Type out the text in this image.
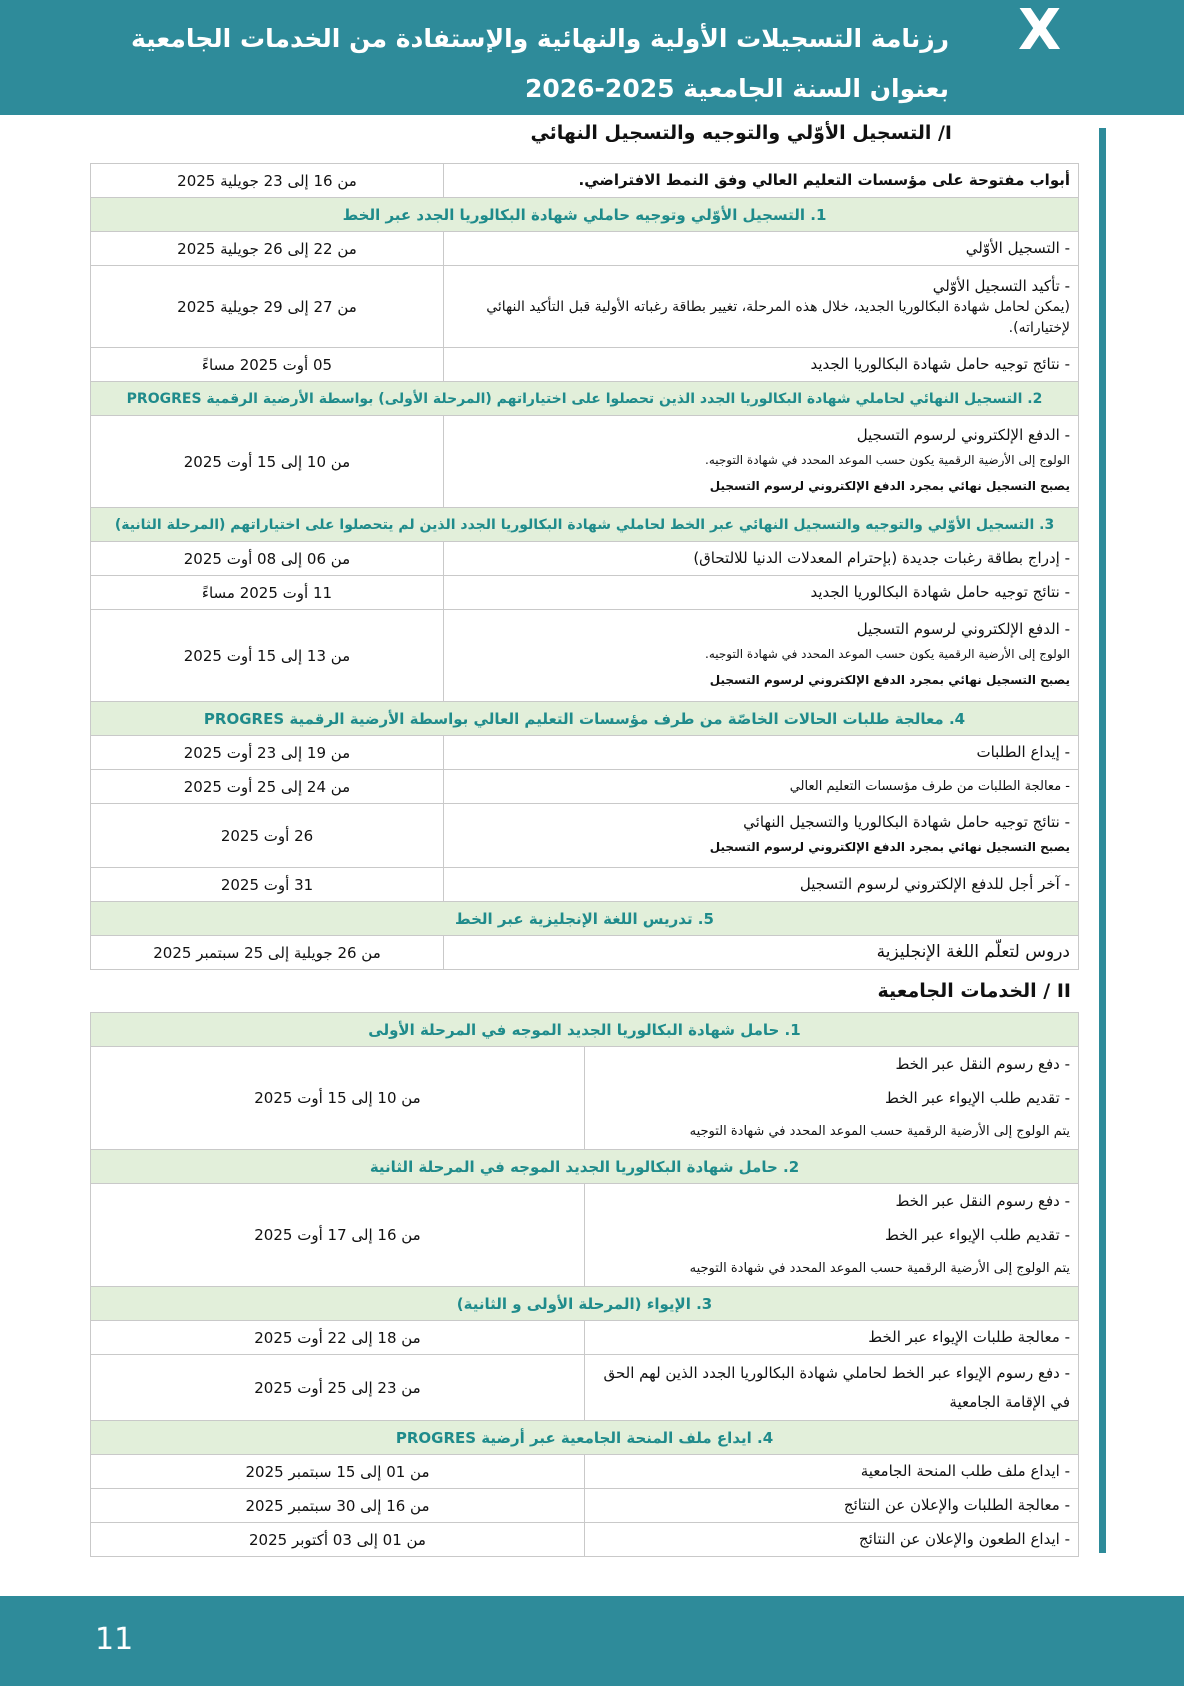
رزنامة التسجيلات الأولية والنهائية والإستفادة من الخدمات الجامعية بعنوان السنة الجامعية 2025-2026
X
I/ التسجيل الأوّلي والتوجيه والتسجيل النهائي
أبواب مفتوحة على مؤسسات التعليم العالي وفق النمط الافتراضي.	من 16 إلى 23 جويلية 2025
1. التسجيل الأوّلي وتوجيه حاملي شهادة البكالوريا الجدد عبر الخط	
- التسجيل الأوّلي	من 22 إلى 26 جويلية 2025

- تأكيد التسجيل الأوّلي
(يمكن لحامل شهادة البكالوريا الجديد، خلال هذه المرحلة، تغيير بطاقة رغباته الأولية قبل التأكيد النهائي لإختياراته).	من 27 إلى 29 جويلية 2025
- نتائج توجيه حامل شهادة البكالوريا الجديد	05 أوت 2025 مساءً
2. التسجيل النهائي لحاملي شهادة البكالوريا الجدد الذين تحصلوا على اختياراتهم (المرحلة الأولى) بواسطة الأرضية الرقمية PROGRES	

- الدفع الإلكتروني لرسوم التسجيل
الولوج إلى الأرضية الرقمية يكون حسب الموعد المحدد في شهادة التوجيه.
يصبح التسجيل نهائي بمجرد الدفع الإلكتروني لرسوم التسجيل	من 10 إلى 15 أوت 2025
3. التسجيل الأوّلي والتوجيه والتسجيل النهائي عبر الخط لحاملي شهادة البكالوريا الجدد الذين لم يتحصلوا على اختياراتهم (المرحلة الثانية)	
- إدراج بطاقة رغبات جديدة (بإحترام المعدلات الدنيا للالتحاق)	من 06 إلى 08 أوت 2025
- نتائج توجيه حامل شهادة البكالوريا الجديد	11 أوت 2025 مساءً

- الدفع الإلكتروني لرسوم التسجيل
الولوج إلى الأرضية الرقمية يكون حسب الموعد المحدد في شهادة التوجيه.
يصبح التسجيل نهائي بمجرد الدفع الإلكتروني لرسوم التسجيل	من 13 إلى 15 أوت 2025
4. معالجة طلبات الحالات الخاصّة من طرف مؤسسات التعليم العالي بواسطة الأرضية الرقمية PROGRES	
- إيداع الطلبات	من 19 إلى 23 أوت 2025
- معالجة الطلبات من طرف مؤسسات التعليم العالي	من 24 إلى 25 أوت 2025

- نتائج توجيه حامل شهادة البكالوريا والتسجيل النهائي
يصبح التسجيل نهائي بمجرد الدفع الإلكتروني لرسوم التسجيل	26 أوت 2025
- آخر أجل للدفع الإلكتروني لرسوم التسجيل	31 أوت 2025
5. تدريس اللغة الإنجليزية عبر الخط	
دروس لتعلّم اللغة الإنجليزية	من 26 جويلية إلى 25 سبتمبر 2025
II / الخدمات الجامعية
1. حامل شهادة البكالوريا الجديد الموجه في المرحلة الأولى	

- دفع رسوم النقل عبر الخط
- تقديم طلب الإيواء عبر الخط
يتم الولوج إلى الأرضية الرقمية حسب الموعد المحدد في شهادة التوجيه	من 10 إلى 15 أوت 2025
2. حامل شهادة البكالوريا الجديد الموجه في المرحلة الثانية	

- دفع رسوم النقل عبر الخط
- تقديم طلب الإيواء عبر الخط
يتم الولوج إلى الأرضية الرقمية حسب الموعد المحدد في شهادة التوجيه	من 16 إلى 17 أوت 2025
3. الإيواء (المرحلة الأولى و الثانية)	
- معالجة طلبات الإيواء عبر الخط	من 18 إلى 22 أوت 2025
- دفع رسوم الإيواء عبر الخط لحاملي شهادة البكالوريا الجدد الذين لهم الحق في الإقامة الجامعية	من 23 إلى 25 أوت 2025
4. ايداع ملف المنحة الجامعية عبر أرضية PROGRES	
- ايداع ملف طلب المنحة الجامعية	من 01 إلى 15 سبتمبر 2025
- معالجة الطلبات والإعلان عن النتائج	من 16 إلى 30 سبتمبر 2025
- ايداع الطعون والإعلان عن النتائج	من 01 إلى 03 أكتوبر 2025
11
